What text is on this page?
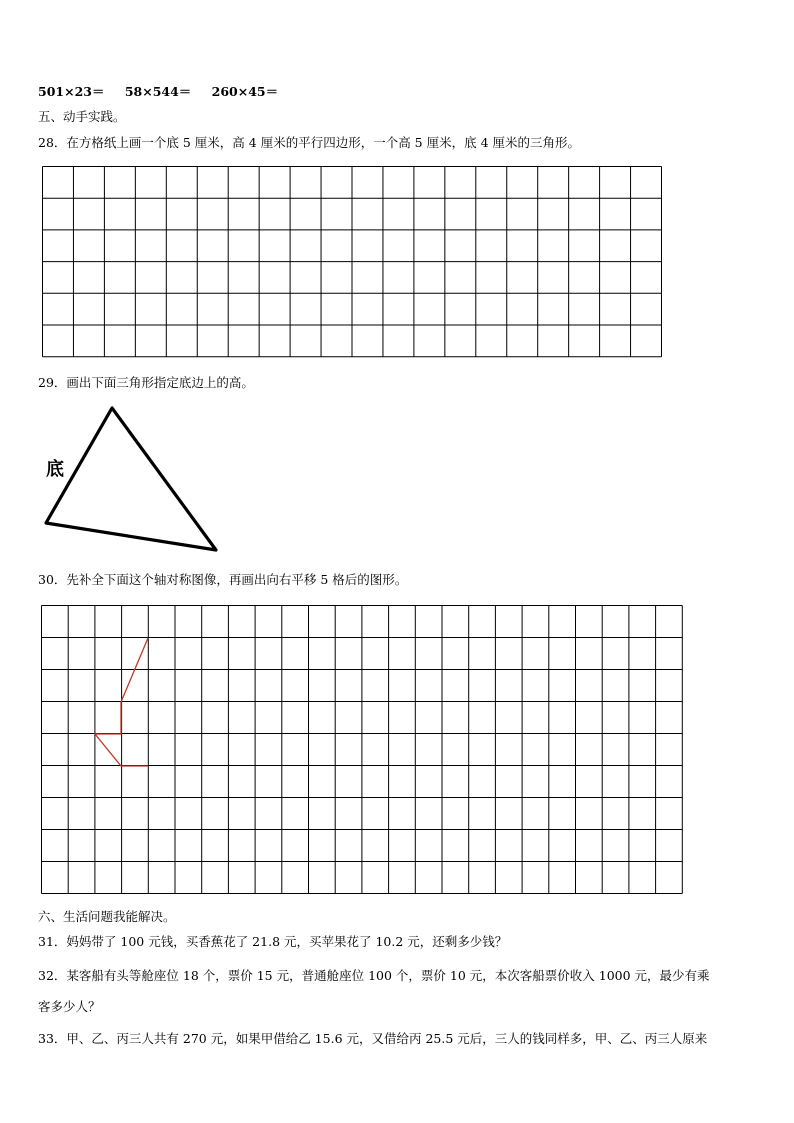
501×23＝ 58×544＝ 260×45＝
五、动手实践。
28．在方格纸上画一个底 5 厘米，高 4 厘米的平行四边形，一个高 5 厘米，底 4 厘米的三角形。
29．画出下面三角形指定底边上的高。
底
30．先补全下面这个轴对称图像，再画出向右平移 5 格后的图形。
六、生活问题我能解决。
31．妈妈带了 100 元钱，买香蕉花了 21.8 元，买苹果花了 10.2 元，还剩多少钱？
32．某客船有头等舱座位 18 个，票价 15 元，普通舱座位 100 个，票价 10 元，本次客船票价收入 1000 元，最少有乘
客多少人？
33．甲、乙、丙三人共有 270 元，如果甲借给乙 15.6 元，又借给丙 25.5 元后，三人的钱同样多，甲、乙、丙三人原来
